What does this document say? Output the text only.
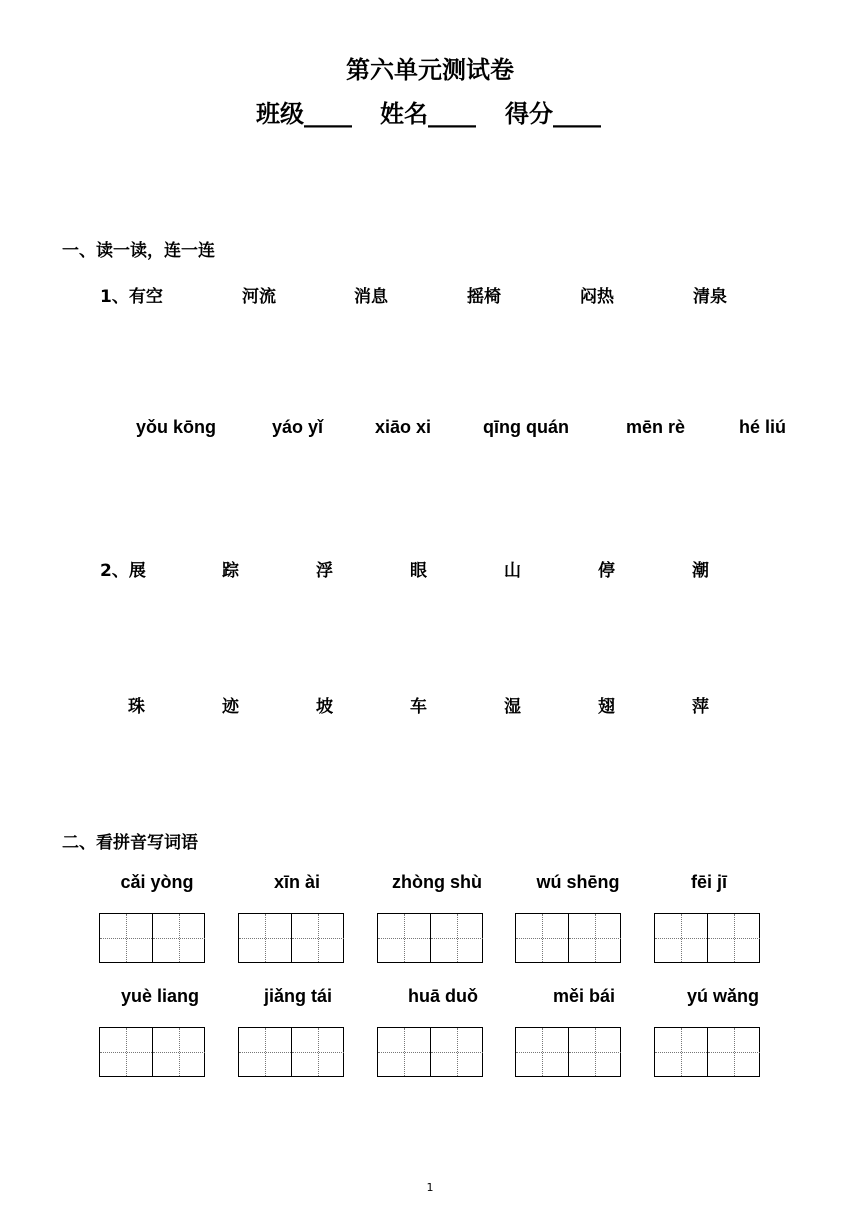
第六单元测试卷
班级____ 姓名____ 得分____
一、读一读，连一连
1、有空	河流	消息	摇椅	闷热	清泉
yǒu kōng	yáo yǐ	xiāo xi	qīng quán	mēn rè	hé liú
2、展	踪	浮	眼	山	停	潮
珠	迹	坡	车	湿	翅	萍
二、看拼音写词语
cǎi yòng	xīn ài	zhòng shù	wú shēng	fēi jī
yuè liang	jiǎng tái	huā duǒ	měi bái	yú wǎng
1
